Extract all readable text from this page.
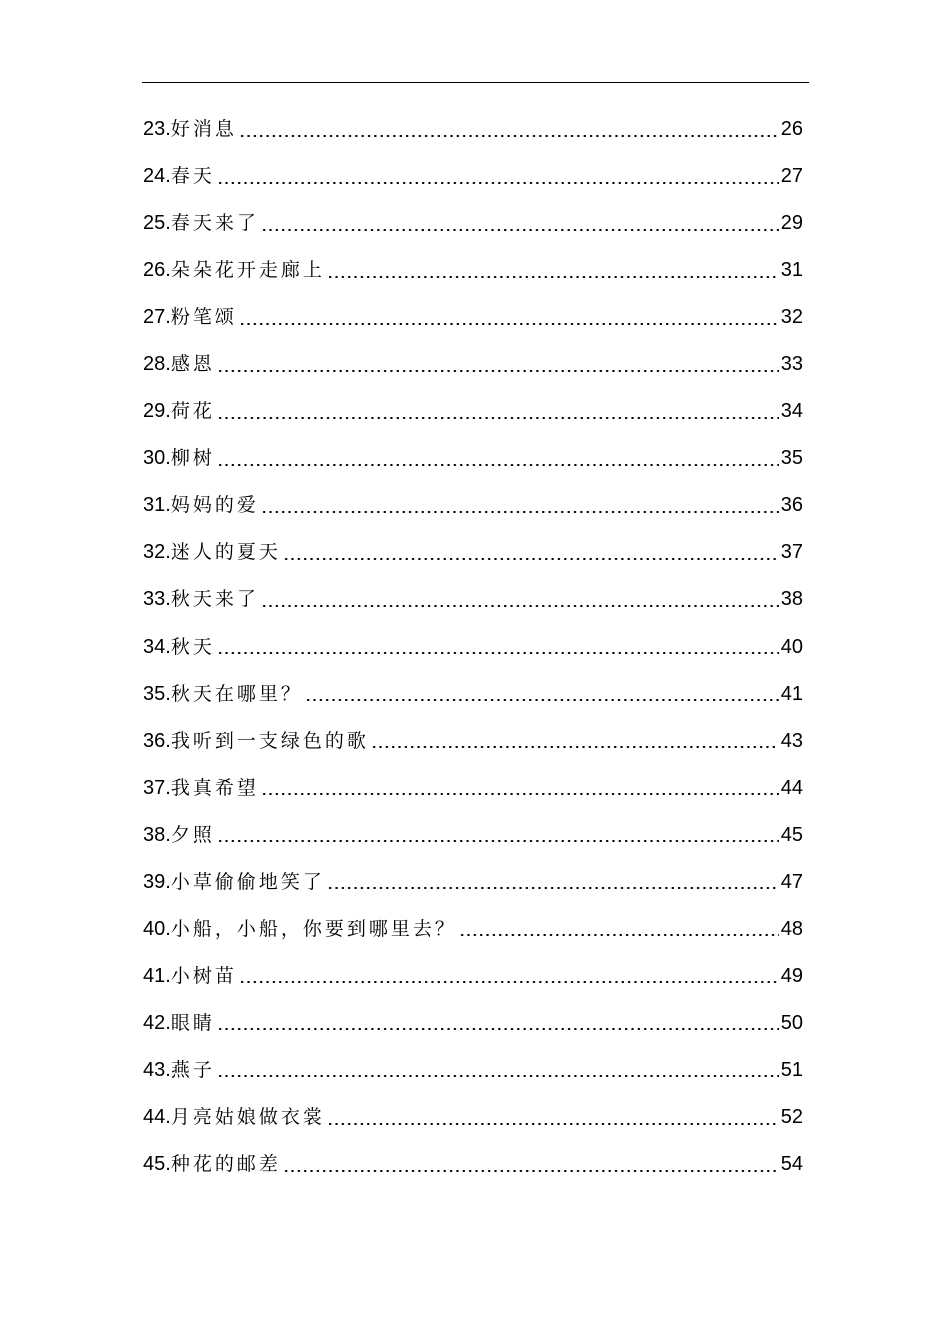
23. 好消息	26
24. 春天	27
25. 春天来了	29
26. 朵朵花开走廊上	31
27. 粉笔颂	32
28. 感恩	33
29. 荷花	34
30. 柳树	35
31. 妈妈的爱	36
32. 迷人的夏天	37
33. 秋天来了	38
34. 秋天	40
35. 秋天在哪里？	41
36. 我听到一支绿色的歌	43
37. 我真希望	44
38. 夕照	45
39. 小草偷偷地笑了	47
40. 小船，小船，你要到哪里去？	48
41. 小树苗	49
42. 眼睛	50
43. 燕子	51
44. 月亮姑娘做衣裳	52
45. 种花的邮差	54
